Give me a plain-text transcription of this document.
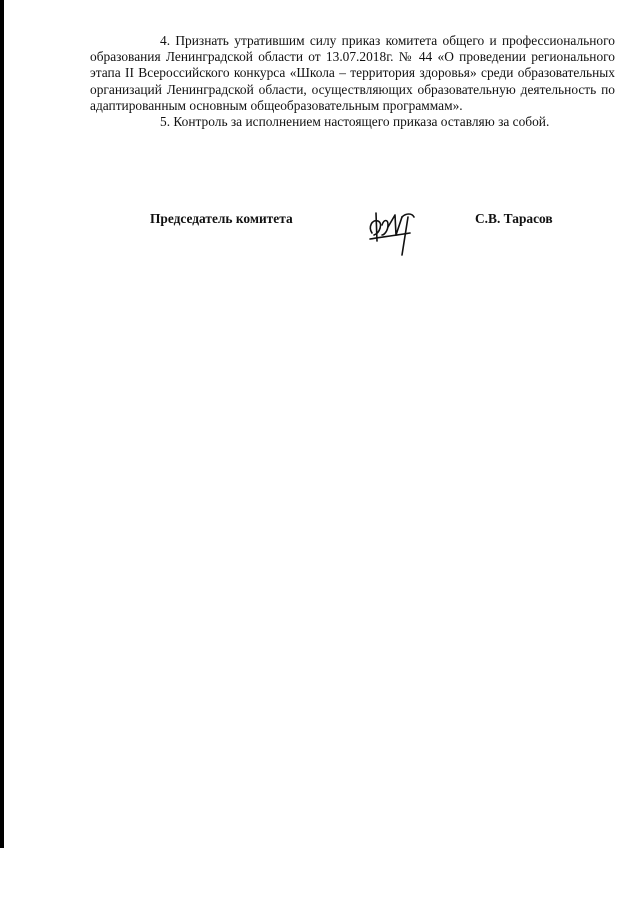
4. Признать утратившим силу приказ комитета общего и профессионального образования Ленинградской области от 13.07.2018г. № 44 «О проведении регионального этапа II Всероссийского конкурса «Школа – территория здоровья» среди образовательных организаций Ленинградской области, осуществляющих образовательную деятельность по адаптированным основным общеобразовательным программам».

5. Контроль за исполнением настоящего приказа оставляю за собой.

Председатель комитета	С.В. Тарасов
